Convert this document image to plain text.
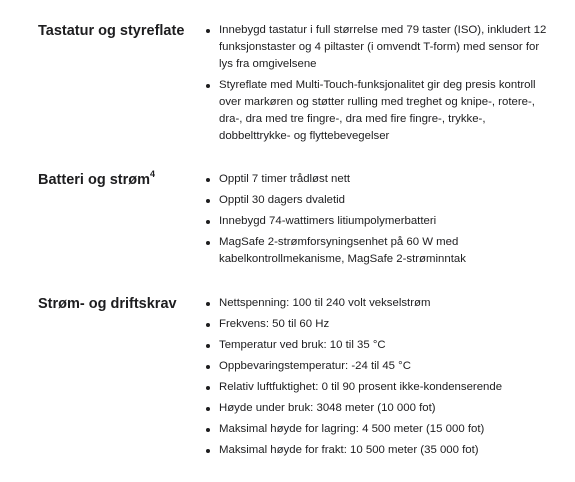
Tastatur og styreflate	Innebygd tastatur i full størrelse med 79 taster (ISO), inkludert 12 funksjonstaster og 4 piltaster (i omvendt T-form) med sensor for lys fra omgivelsene
Styreflate med Multi-Touch-funksjonalitet gir deg presis kontroll over markøren og støtter rulling med treghet og knipe-, rotere-, dra-, dra med tre fingre-, dra med fire fingre-, trykke-, dobbelttrykke- og flyttebevegelser
Batteri og strøm$^4$	Opptil 7 timer trådløst nett
Opptil 30 dagers dvaletid
Innebygd 74-wattimers litiumpolymerbatteri
MagSafe 2-strømforsyningsenhet på 60 W med kabelkontrollmekanisme, MagSafe 2-strøminntak
Strøm- og driftskrav	Nettspenning: 100 til 240 volt vekselstrøm
Frekvens: 50 til 60 Hz
Temperatur ved bruk: 10 til 35 °C
Oppbevaringstemperatur: -24 til 45 °C
Relativ luftfuktighet: 0 til 90 prosent ikke-kondenserende
Høyde under bruk: 3048 meter (10 000 fot)
Maksimal høyde for lagring: 4 500 meter (15 000 fot)
Maksimal høyde for frakt: 10 500 meter (35 000 fot)
